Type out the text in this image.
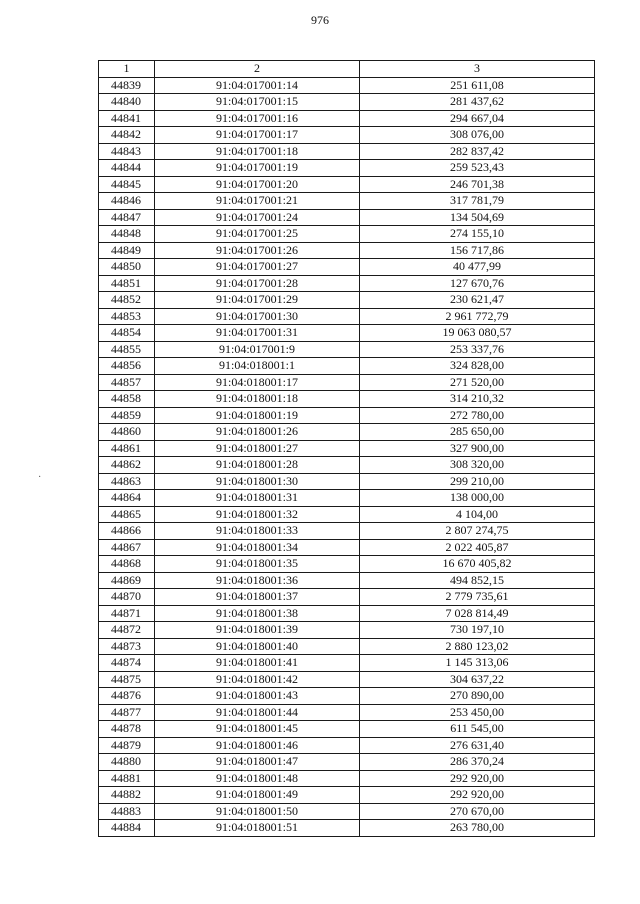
976
·
1	2	3
44839	91:04:017001:14	251 611,08
44840	91:04:017001:15	281 437,62
44841	91:04:017001:16	294 667,04
44842	91:04:017001:17	308 076,00
44843	91:04:017001:18	282 837,42
44844	91:04:017001:19	259 523,43
44845	91:04:017001:20	246 701,38
44846	91:04:017001:21	317 781,79
44847	91:04:017001:24	134 504,69
44848	91:04:017001:25	274 155,10
44849	91:04:017001:26	156 717,86
44850	91:04:017001:27	40 477,99
44851	91:04:017001:28	127 670,76
44852	91:04:017001:29	230 621,47
44853	91:04:017001:30	2 961 772,79
44854	91:04:017001:31	19 063 080,57
44855	91:04:017001:9	253 337,76
44856	91:04:018001:1	324 828,00
44857	91:04:018001:17	271 520,00
44858	91:04:018001:18	314 210,32
44859	91:04:018001:19	272 780,00
44860	91:04:018001:26	285 650,00
44861	91:04:018001:27	327 900,00
44862	91:04:018001:28	308 320,00
44863	91:04:018001:30	299 210,00
44864	91:04:018001:31	138 000,00
44865	91:04:018001:32	4 104,00
44866	91:04:018001:33	2 807 274,75
44867	91:04:018001:34	2 022 405,87
44868	91:04:018001:35	16 670 405,82
44869	91:04:018001:36	494 852,15
44870	91:04:018001:37	2 779 735,61
44871	91:04:018001:38	7 028 814,49
44872	91:04:018001:39	730 197,10
44873	91:04:018001:40	2 880 123,02
44874	91:04:018001:41	1 145 313,06
44875	91:04:018001:42	304 637,22
44876	91:04:018001:43	270 890,00
44877	91:04:018001:44	253 450,00
44878	91:04:018001:45	611 545,00
44879	91:04:018001:46	276 631,40
44880	91:04:018001:47	286 370,24
44881	91:04:018001:48	292 920,00
44882	91:04:018001:49	292 920,00
44883	91:04:018001:50	270 670,00
44884	91:04:018001:51	263 780,00
